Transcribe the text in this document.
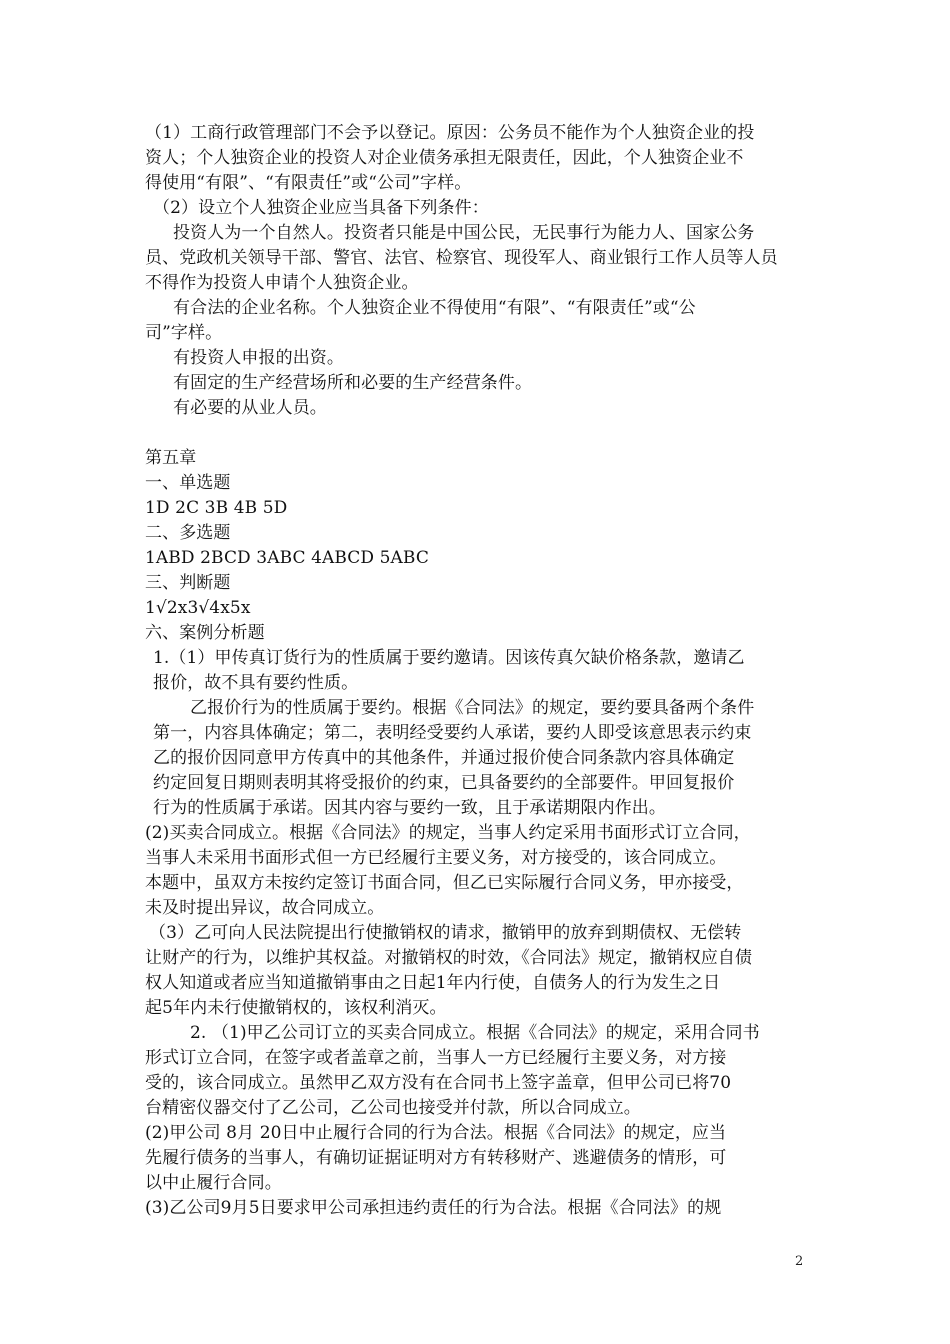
（1）工商行政管理部门不会予以登记。原因：公务员不能作为个人独资企业的投
资人；个人独资企业的投资人对企业债务承担无限责任，因此，个人独资企业不
得使用“有限”、“有限责任”或“公司”字样。
（2）设立个人独资企业应当具备下列条件：
投资人为一个自然人。投资者只能是中国公民，无民事行为能力人、国家公务
员、党政机关领导干部、警官、法官、检察官、现役军人、商业银行工作人员等人员
不得作为投资人申请个人独资企业。
有合法的企业名称。个人独资企业不得使用“有限”、“有限责任”或“公
司”字样。
有投资人申报的出资。
有固定的生产经营场所和必要的生产经营条件。
有必要的从业人员。
第五章
一、单选题
1D 2C 3B 4B 5D
二、多选题
1ABD 2BCD 3ABC 4ABCD 5ABC
三、判断题
1√2x3√4x5x
六、案例分析题
1.（1）甲传真订货行为的性质属于要约邀请。因该传真欠缺价格条款，邀请乙
报价，故不具有要约性质。
乙报价行为的性质属于要约。根据《合同法》的规定，要约要具备两个条件
第一，内容具体确定；第二，表明经受要约人承诺，要约人即受该意思表示约束
乙的报价因同意甲方传真中的其他条件，并通过报价使合同条款内容具体确定
约定回复日期则表明其将受报价的约束，已具备要约的全部要件。甲回复报价
行为的性质属于承诺。因其内容与要约一致，且于承诺期限内作出。
(2)买卖合同成立。根据《合同法》的规定，当事人约定采用书面形式订立合同，
当事人未采用书面形式但一方已经履行主要义务，对方接受的，该合同成立。
本题中，虽双方未按约定签订书面合同，但乙已实际履行合同义务，甲亦接受，
未及时提出异议，故合同成立。
（3）乙可向人民法院提出行使撤销权的请求，撤销甲的放弃到期债权、无偿转
让财产的行为，以维护其权益。对撤销权的时效，《合同法》规定，撤销权应自债
权人知道或者应当知道撤销事由之日起1年内行使，自债务人的行为发生之日
起5年内未行使撤销权的，该权利消灭。
2. （1)甲乙公司订立的买卖合同成立。根据《合同法》的规定，采用合同书
形式订立合同，在签字或者盖章之前，当事人一方已经履行主要义务，对方接
受的，该合同成立。虽然甲乙双方没有在合同书上签字盖章，但甲公司已将70
台精密仪器交付了乙公司，乙公司也接受并付款，所以合同成立。
(2)甲公司 8月 20日中止履行合同的行为合法。根据《合同法》的规定，应当
先履行债务的当事人，有确切证据证明对方有转移财产、逃避债务的情形，可
以中止履行合同。
(3)乙公司9月5日要求甲公司承担违约责任的行为合法。根据《合同法》的规
2
